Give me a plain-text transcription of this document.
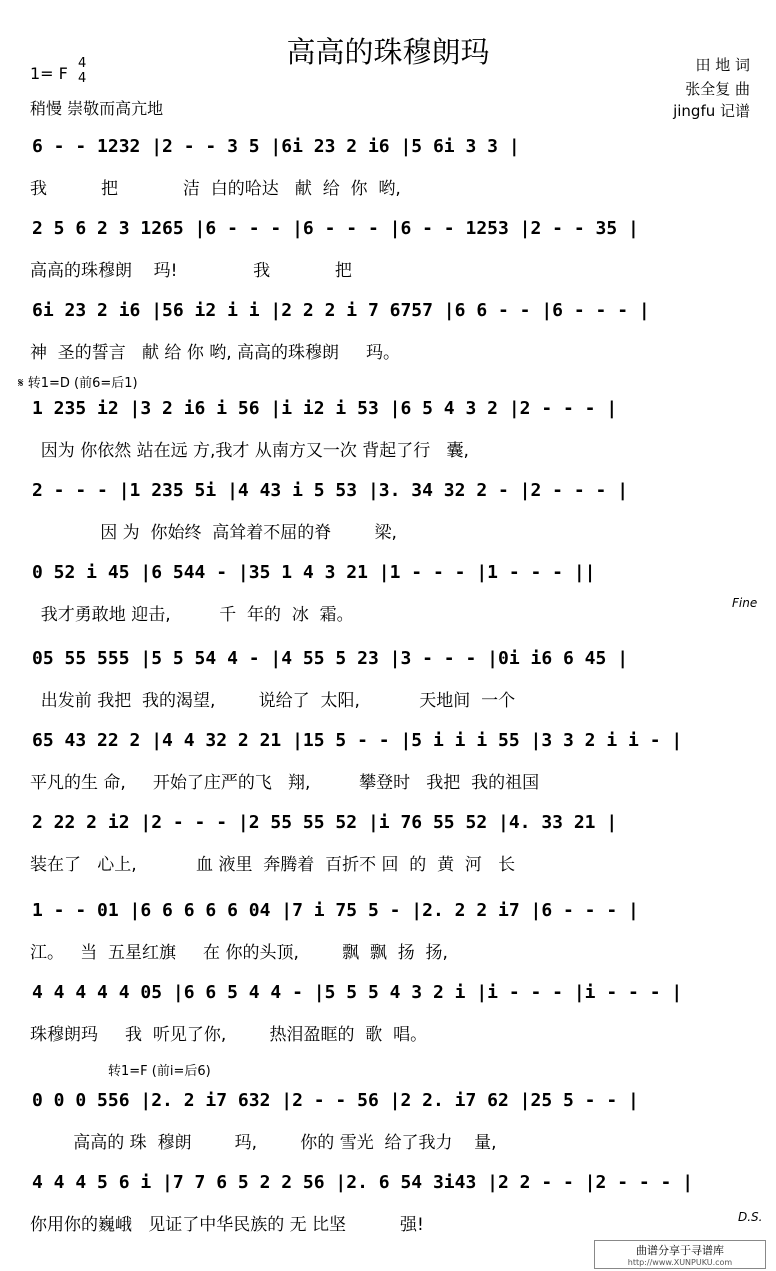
高高的珠穆朗玛
1= F
4
4
稍慢 崇敬而高亢地
田 地 词
张全复 曲
jingfu 记谱
6 - - 1232 |2 - - 3 5 |6i 23 2 i6 |5 6i 3 3 |
我          把            洁  白的哈达   献  给  你  哟,
2 5 6 2 3 1265 |6 - - - |6 - - - |6 - - 1253 |2 - - 35 |
高高的珠穆朗    玛!              我            把
6i 23 2 i6 |56 i2 i i |2 2 2 i 7 6757 |6 6 - - |6 - - - |
神  圣的誓言   献 给 你 哟, 高高的珠穆朗     玛。
1 235 i2 |3 2 i6 i 56 |i i2 i 53 |6 5 4 3 2 |2 - - - |
因为 你依然 站在远 方,我才 从南方又一次 背起了行   囊,
2 - - - |1 235 5i |4 43 i 5 53 |3. 34 32 2 - |2 - - - |
因 为  你始终  高耸着不屈的脊        梁,
0 52 i 45 |6 544 - |35 1 4 3 21 |1 - - - |1 - - - ||
我才勇敢地 迎击,         千  年的  冰  霜。
05 55 555 |5 5 54 4 - |4 55 5 23 |3 - - - |0i i6 6 45 |
出发前 我把  我的渴望,        说给了  太阳,           天地间  一个
65 43 22 2 |4 4 32 2 21 |15 5 - - |5 i i i 55 |3 3 2 i i - |
平凡的生 命,     开始了庄严的飞   翔,         攀登时   我把  我的祖国
2 22 2 i2 |2 - - - |2 55 55 52 |i 76 55 52 |4. 33 21 |
装在了   心上,           血 液里  奔腾着  百折不 回  的  黄  河   长
1 - - 01 |6 6 6 6 6 04 |7 i 75 5 - |2. 2 2 i7 |6 - - - |
江。   当  五星红旗     在 你的头顶,        飘  飘  扬  扬,
4 4 4 4 4 05 |6 6 5 4 4 - |5 5 5 4 3 2 i |i - - - |i - - - |
珠穆朗玛     我  听见了你,        热泪盈眶的  歌  唱。
0 0 0 556 |2. 2 i7 632 |2 - - 56 |2 2. i7 62 |25 5 - - |
高高的 珠  穆朗        玛,        你的 雪光  给了我力    量,
4 4 4 5 6 i |7 7 6 5 2 2 56 |2. 6 54 3i43 |2 2 - - |2 - - - |
你用你的巍峨   见证了中华民族的 无 比坚          强!
𝄋 转1=D (前6=后1)
Fine
转1=F (前i=后6)
D.S.
曲谱分享于寻谱库
http://www.XUNPUKU.com
